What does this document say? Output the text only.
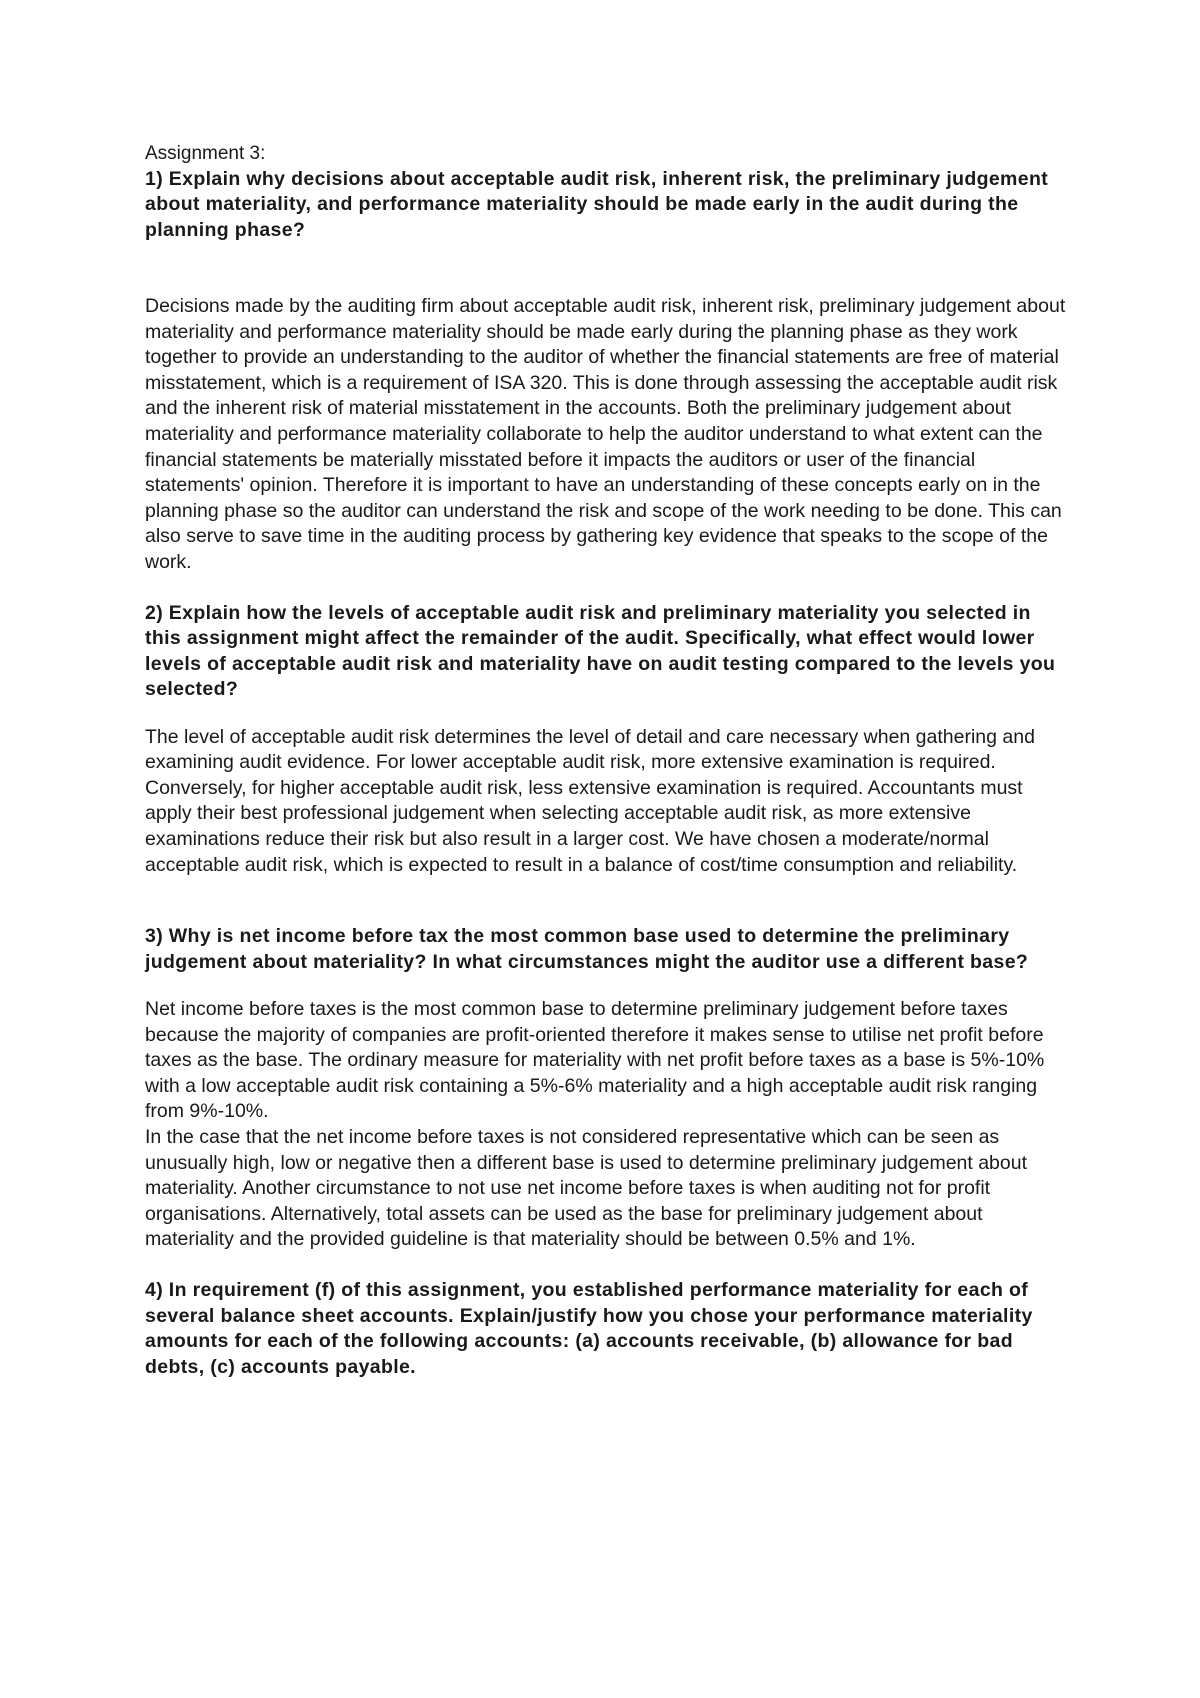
Assignment 3:

1) Explain why decisions about acceptable audit risk, inherent risk, the preliminary judgement about materiality, and performance materiality should be made early in the audit during the planning phase?

Decisions made by the auditing firm about acceptable audit risk, inherent risk, preliminary judgement about materiality and performance materiality should be made early during the planning phase as they work together to provide an understanding to the auditor of whether the financial statements are free of material misstatement, which is a requirement of ISA 320. This is done through assessing the acceptable audit risk and the inherent risk of material misstatement in the accounts. Both the preliminary judgement about materiality and performance materiality collaborate to help the auditor understand to what extent can the financial statements be materially misstated before it impacts the auditors or user of the financial statements' opinion. Therefore it is important to have an understanding of these concepts early on in the planning phase so the auditor can understand the risk and scope of the work needing to be done. This can also serve to save time in the auditing process by gathering key evidence that speaks to the scope of the work.

2) Explain how the levels of acceptable audit risk and preliminary materiality you selected in this assignment might affect the remainder of the audit. Specifically, what effect would lower levels of acceptable audit risk and materiality have on audit testing compared to the levels you selected?

The level of acceptable audit risk determines the level of detail and care necessary when gathering and examining audit evidence. For lower acceptable audit risk, more extensive examination is required. Conversely, for higher acceptable audit risk, less extensive examination is required. Accountants must apply their best professional judgement when selecting acceptable audit risk, as more extensive examinations reduce their risk but also result in a larger cost. We have chosen a moderate/normal acceptable audit risk, which is expected to result in a balance of cost/time consumption and reliability.

3) Why is net income before tax the most common base used to determine the preliminary judgement about materiality? In what circumstances might the auditor use a different base?

Net income before taxes is the most common base to determine preliminary judgement before taxes because the majority of companies are profit-oriented therefore it makes sense to utilise net profit before taxes as the base. The ordinary measure for materiality with net profit before taxes as a base is 5%-10% with a low acceptable audit risk containing a 5%-6% materiality and a high acceptable audit risk ranging from 9%-10%.

In the case that the net income before taxes is not considered representative which can be seen as unusually high, low or negative then a different base is used to determine preliminary judgement about materiality. Another circumstance to not use net income before taxes is when auditing not for profit organisations. Alternatively, total assets can be used as the base for preliminary judgement about materiality and the provided guideline is that materiality should be between 0.5% and 1%.

4) In requirement (f) of this assignment, you established performance materiality for each of several balance sheet accounts. Explain/justify how you chose your performance materiality amounts for each of the following accounts: (a) accounts receivable, (b) allowance for bad debts, (c) accounts payable.
